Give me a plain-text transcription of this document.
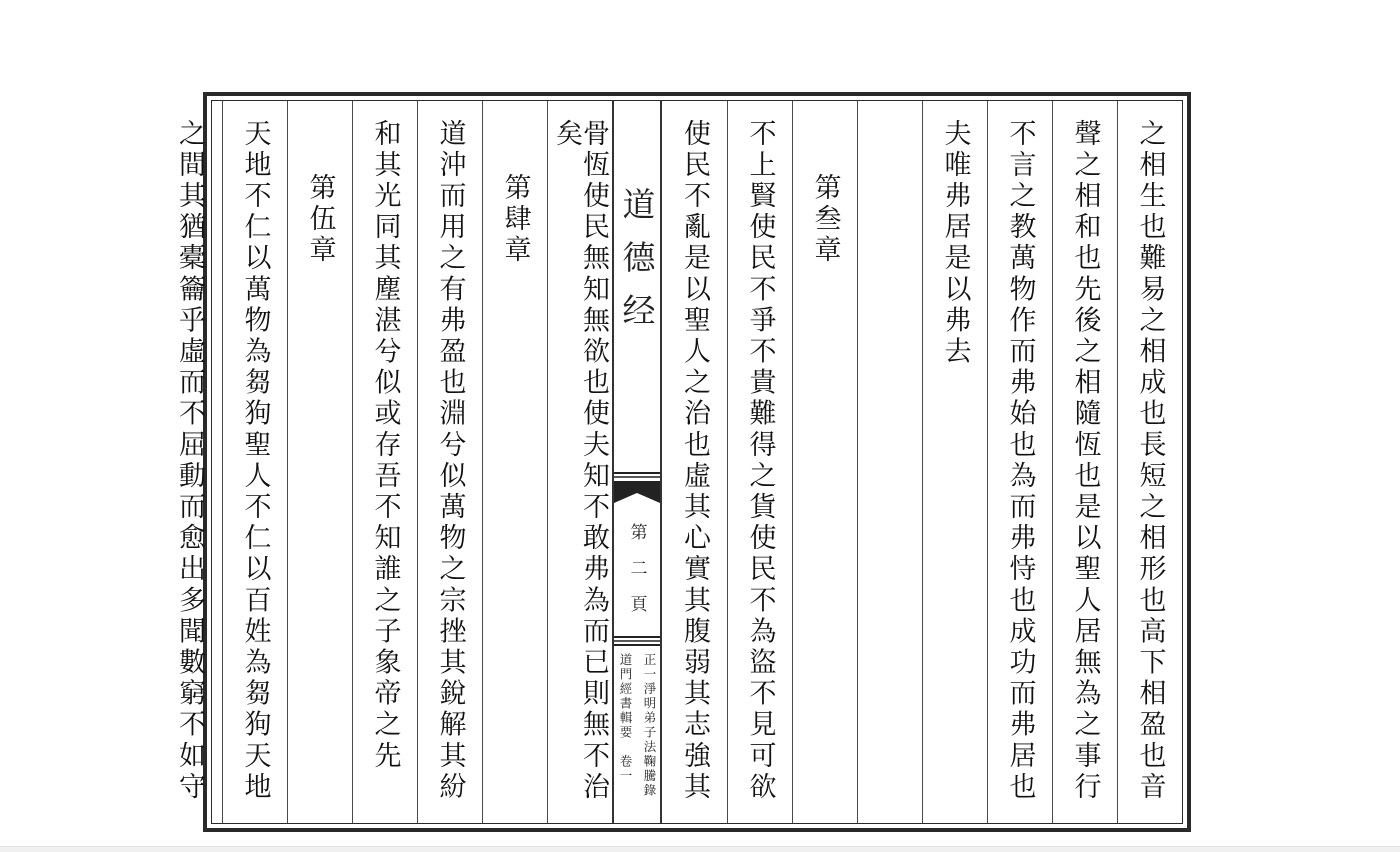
之相生也難易之相成也長短之相形也高下相盈也音
聲之相和也先後之相隨恆也是以聖人居無為之事行
不言之教萬物作而弗始也為而弗恃也成功而弗居也
夫唯弗居是以弗去
第叁章
不上賢使民不爭不貴難得之貨使民不為盜不見可欲
使民不亂是以聖人之治也虛其心實其腹弱其志強其
道德经
第二頁
正一淨明弟子法鞠騰錄
道門經書輯要　卷一
骨恆使民無知無欲也使夫知不敢弗為而已則無不治矣
第肆章
道沖而用之有弗盈也淵兮似萬物之宗挫其銳解其紛
和其光同其塵湛兮似或存吾不知誰之子象帝之先
第伍章
天地不仁以萬物為芻狗聖人不仁以百姓為芻狗天地
之間其猶橐籥乎虛而不屈動而愈出多聞數窮不如守
